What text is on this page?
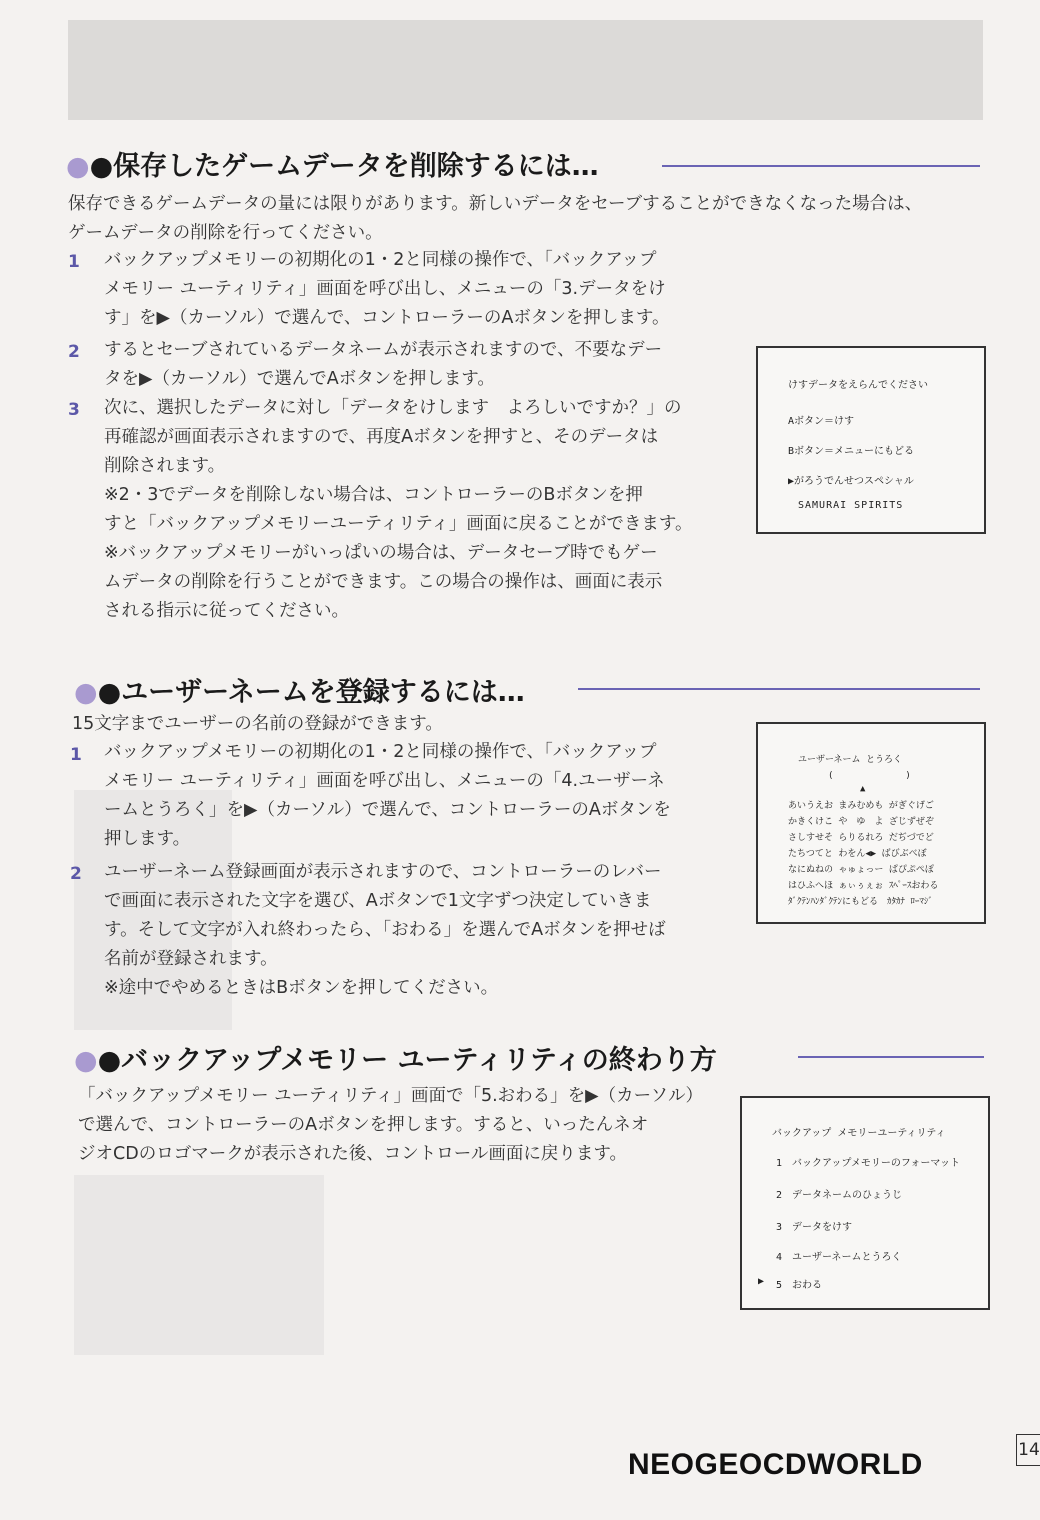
●●保存したゲームデータを削除するには…
保存できるゲームデータの量には限りがあります。新しいデータをセーブすることができなくなった場合は、
ゲームデータの削除を行ってください。
1 バックアップメモリーの初期化の1・2と同様の操作で、「バックアップ
メモリー ユーティリティ」画面を呼び出し、メニューの「3.データをけ
す」を▶（カーソル）で選んで、コントローラーのAボタンを押します。
2 するとセーブされているデータネームが表示されますので、不要なデー
タを▶（カーソル）で選んでAボタンを押します。
3 次に、選択したデータに対し「データをけします　よろしいですか？」の
再確認が画面表示されますので、再度Aボタンを押すと、そのデータは
削除されます。
※2・3でデータを削除しない場合は、コントローラーのBボタンを押
すと「バックアップメモリーユーティリティ」画面に戻ることができます。
※バックアップメモリーがいっぱいの場合は、データセーブ時でもゲー
ムデータの削除を行うことができます。この場合の操作は、画面に表示
される指示に従ってください。
けすデータをえらんでください
Aボタン＝けす
Bボタン＝メニューにもどる
▶がろうでんせつスペシャル
SAMURAI SPIRITS
●●ユーザーネームを登録するには…
15文字までユーザーの名前の登録ができます。
1 バックアップメモリーの初期化の1・2と同様の操作で、「バックアップ
メモリー ユーティリティ」画面を呼び出し、メニューの「4.ユーザーネ
ームとうろく」を▶（カーソル）で選んで、コントローラーのAボタンを
押します。
2 ユーザーネーム登録画面が表示されますので、コントローラーのレバー
で画面に表示された文字を選び、Aボタンで1文字ずつ決定していきま
す。そして文字が入れ終わったら、「おわる」を選んでAボタンを押せば
名前が登録されます。
※途中でやめるときはBボタンを押してください。
ユーザーネーム とうろく
(　　　　　　　　)
▲
あいうえお まみむめも がぎぐげご
かきくけこ や　ゆ　よ ざじずぜぞ
さしすせそ らりるれろ だぢづでど
たちつてと わをん◀▶ ばびぶべぼ
なにぬねの ゃゅょっー ぱぴぷぺぽ
はひふへほ ぁぃぅぇぉ ｽﾍﾟｰｽおわる
ﾀﾞｸﾃﾝﾊﾝﾀﾞｸﾃﾝにもどる　ｶﾀｶﾅ ﾛｰﾏｼﾞ
●●バックアップメモリー ユーティリティの終わり方
「バックアップメモリー ユーティリティ」画面で「5.おわる」を▶（カーソル）
で選んで、コントローラーのAボタンを押します。すると、いったんネオ
ジオCDのロゴマークが表示された後、コントロール画面に戻ります。
バックアップ メモリーユーティリティ
1　バックアップメモリーのフォーマット
2　データネームのひょうじ
3　データをけす
4　ユーザーネームとうろく
▶ 5　おわる
NEOGEOCDWORLD	14
